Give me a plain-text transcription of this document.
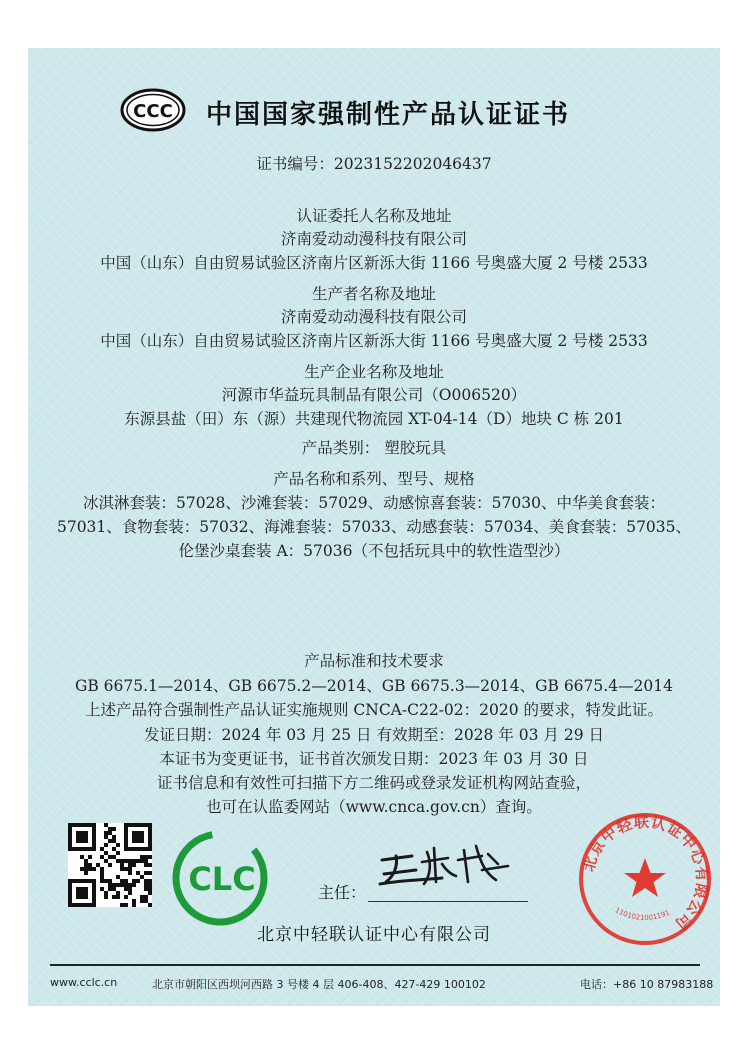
CCC 中国国家强制性产品认证证书
证书编号：2023152202046437
认证委托人名称及地址
济南爱动动漫科技有限公司
中国（山东）自由贸易试验区济南片区新泺大街 1166 号奥盛大厦 2 号楼 2533
生产者名称及地址
济南爱动动漫科技有限公司
中国（山东）自由贸易试验区济南片区新泺大街 1166 号奥盛大厦 2 号楼 2533
生产企业名称及地址
河源市华益玩具制品有限公司（O006520）
东源县盐（田）东（源）共建现代物流园 XT-04-14（D）地块 C 栋 201
产品类别： 塑胶玩具
产品名称和系列、型号、规格
冰淇淋套装：57028、沙滩套装：57029、动感惊喜套装：57030、中华美食套装：
57031、食物套装：57032、海滩套装：57033、动感套装：57034、美食套装：57035、
伦堡沙桌套装 A：57036（不包括玩具中的软性造型沙）
产品标准和技术要求
GB 6675.1—2014、GB 6675.2—2014、GB 6675.3—2014、GB 6675.4—2014
上述产品符合强制性产品认证实施规则 CNCA-C22-02：2020 的要求，特发此证。
发证日期：2024 年 03 月 25 日 有效期至：2028 年 03 月 29 日
本证书为变更证书，证书首次颁发日期：2023 年 03 月 30 日
证书信息和有效性可扫描下方二维码或登录发证机构网站查验，
也可在认监委网站（www.cnca.gov.cn）查询。
CLC	主任：
北京中轻联认证中心有限公司
1101021001191
北京中轻联认证中心有限公司
www.cclc.cn	北京市朝阳区西坝河西路 3 号楼 4 层 406-408、427-429 100102	电话：+86 10 87983188
